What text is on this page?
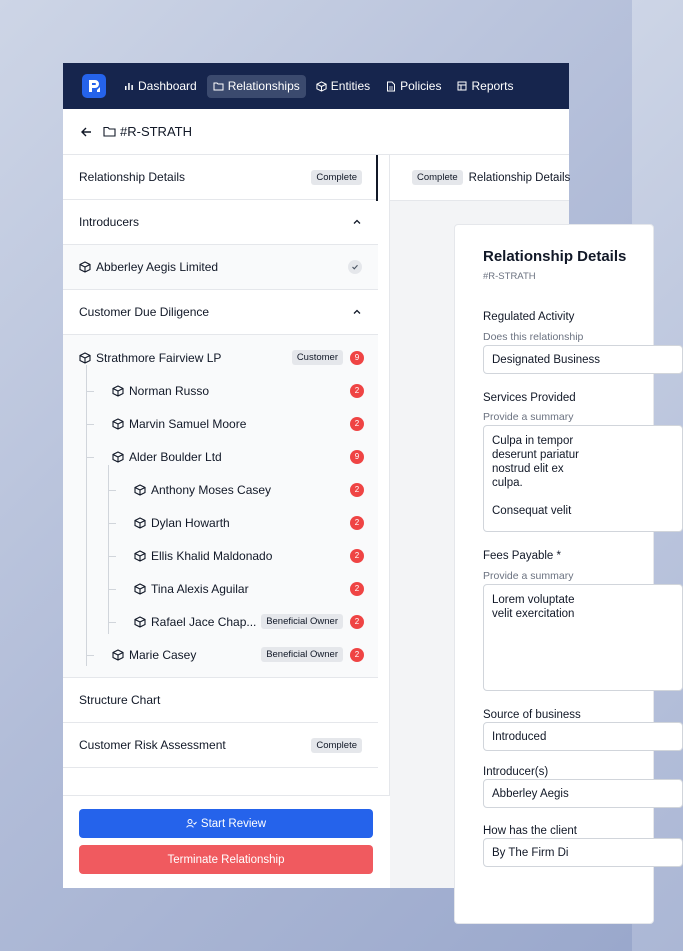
Dashboard	Relationships	Entities	Policies	Reports
#R-STRATH
Relationship Details	Complete
Introducers
Abberley Aegis Limited
Customer Due Diligence
Strathmore Fairview LP	Customer	9
Norman Russo	2
Marvin Samuel Moore	2
Alder Boulder Ltd	9
Anthony Moses Casey	2
Dylan Howarth	2
Ellis Khalid Maldonado	2
Tina Alexis Aguilar	2
Rafael Jace Chap...	Beneficial Owner	2
Marie Casey	Beneficial Owner	2
Structure Chart
Customer Risk Assessment	Complete
Start Review
Terminate Relationship
Complete Relationship Details
Relationship Details
#R-STRATH
Regulated Activity
Does this relationship
Designated Business
Services Provided
Provide a summary
Culpa in tempor
deserunt pariatur
nostrud elit ex
culpa.

Consequat velit
Fees Payable *
Provide a summary
Lorem voluptate
velit exercitation
Source of business
Introduced
Introducer(s)
Abberley Aegis
How has the client
By The Firm Di
